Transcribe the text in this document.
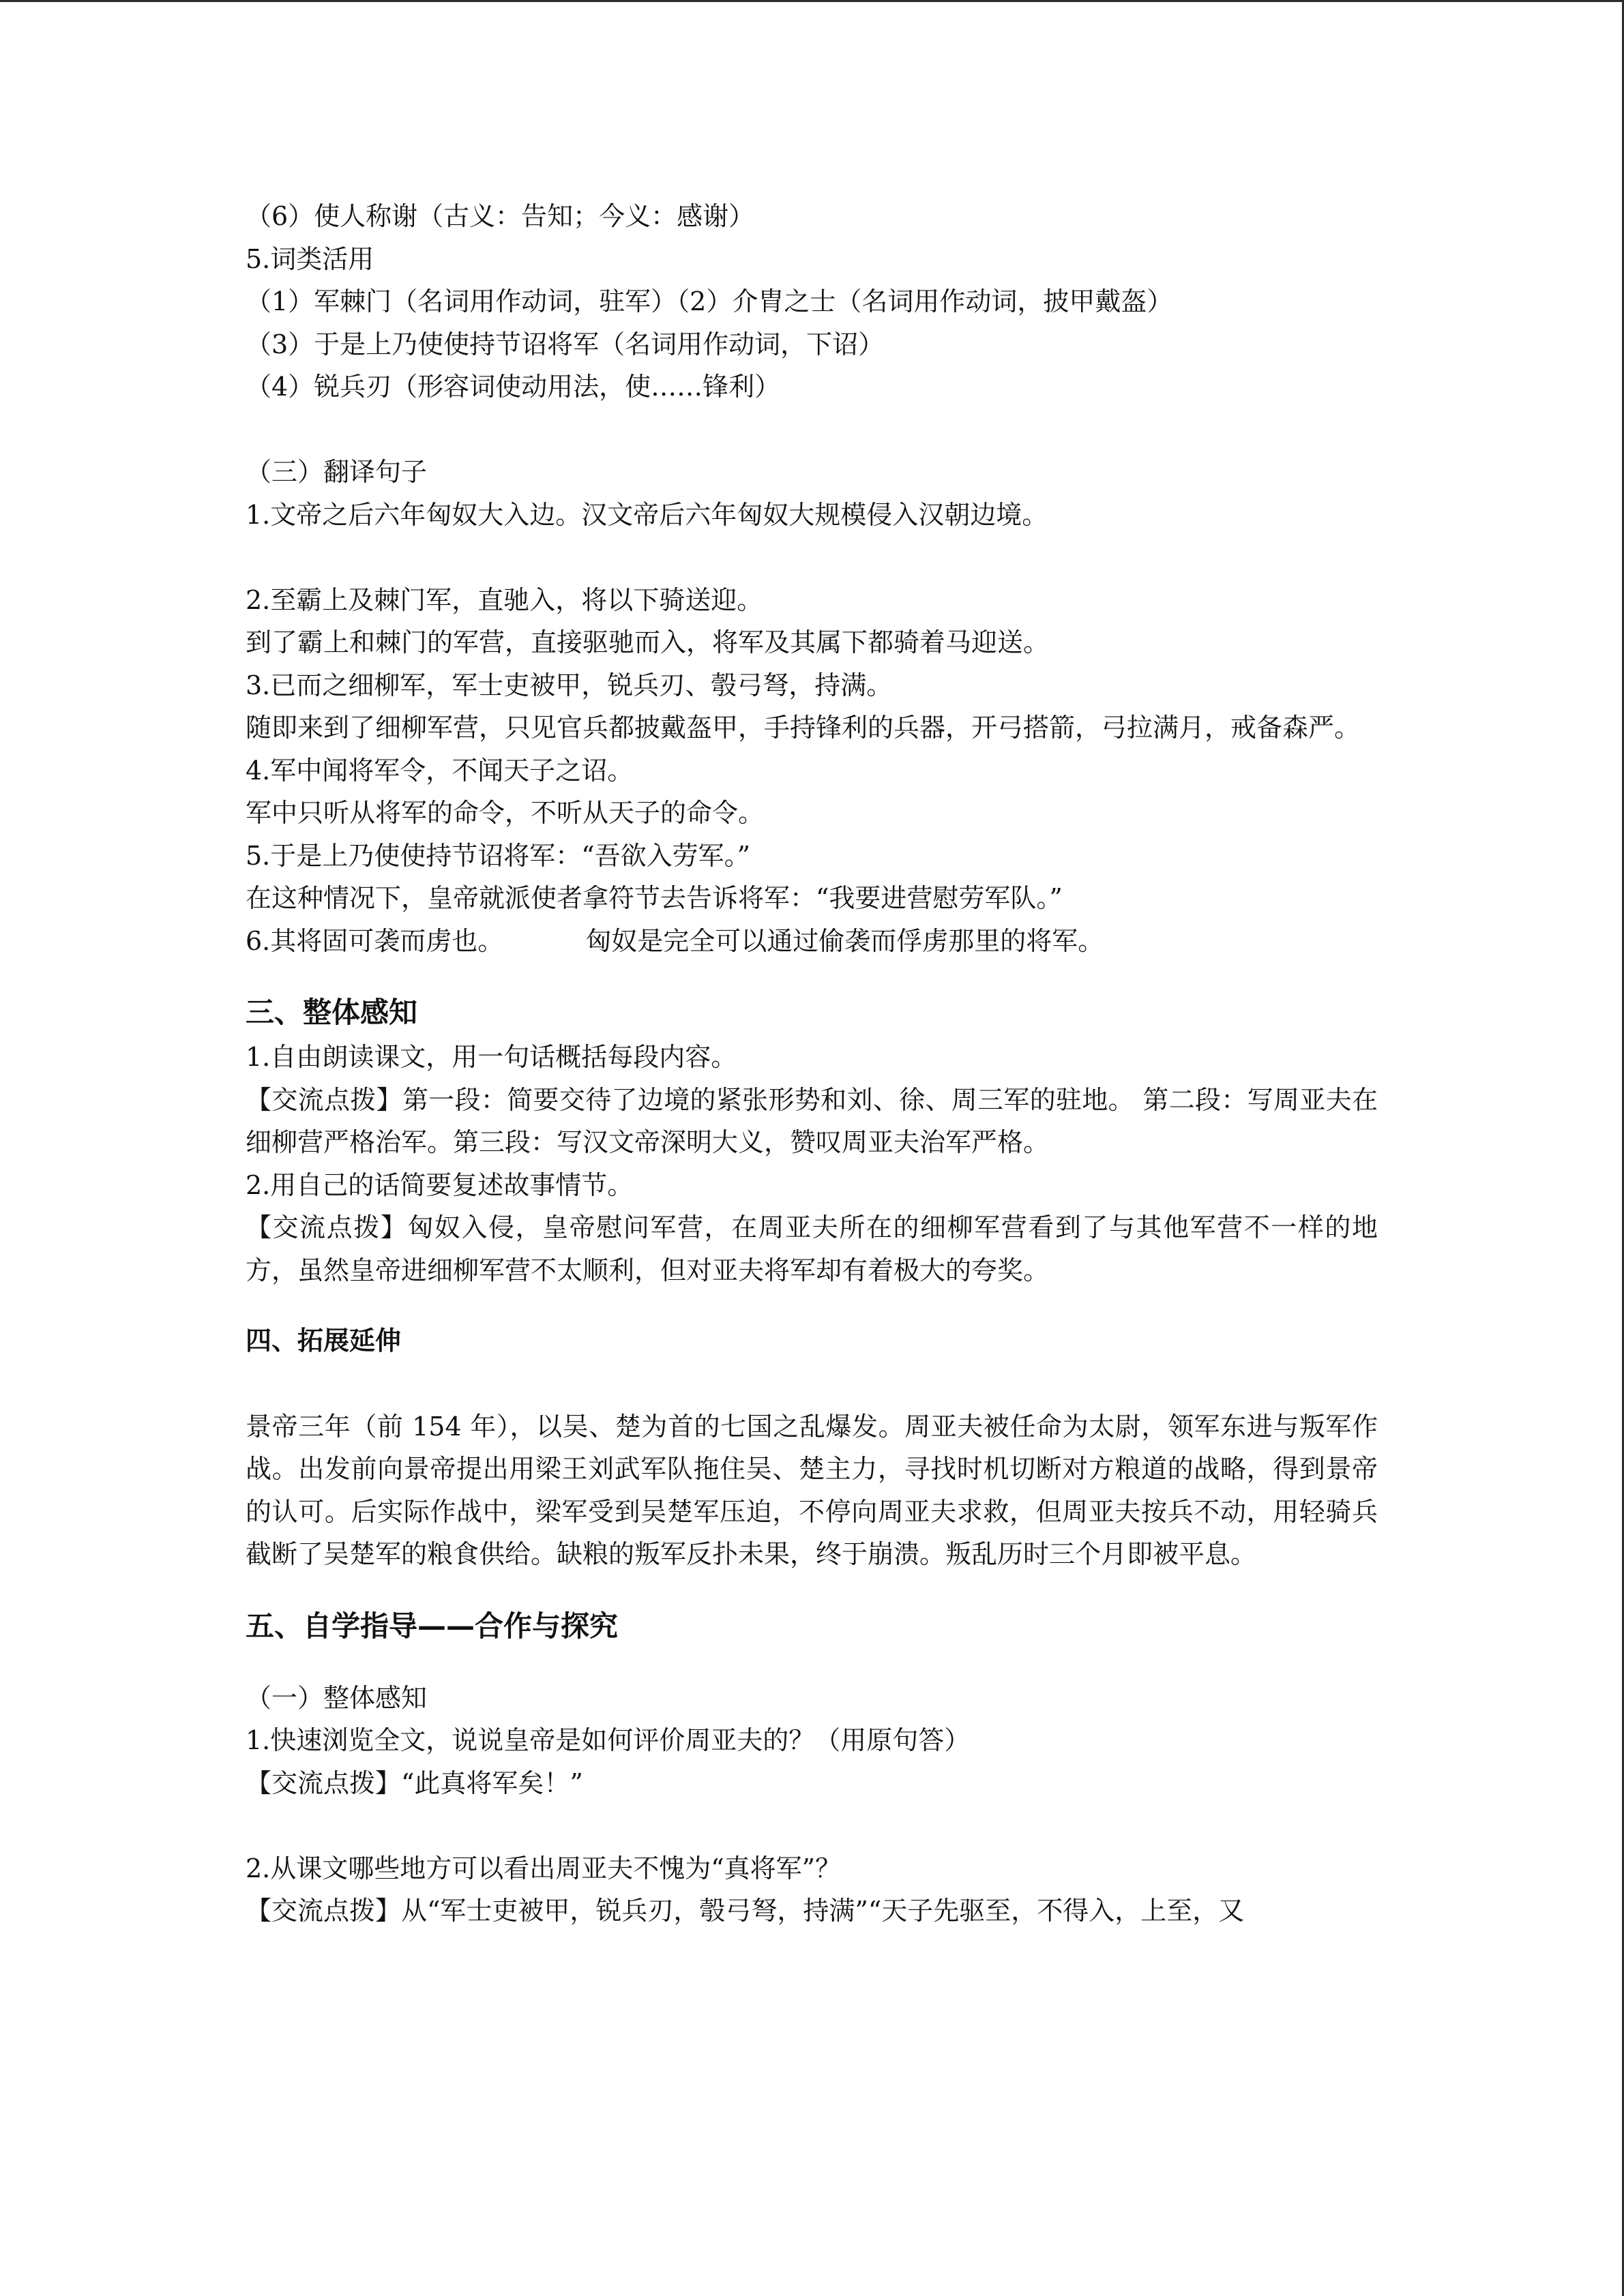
（6）使人称谢（古义：告知；今义：感谢）

5.词类活用

（1）军棘门（名词用作动词，驻军）（2）介胄之士（名词用作动词，披甲戴盔）

（3）于是上乃使使持节诏将军（名词用作动词，下诏）

（4）锐兵刃（形容词使动用法，使……锋利）

（三）翻译句子

1.文帝之后六年匈奴大入边。汉文帝后六年匈奴大规模侵入汉朝边境。

2.至霸上及棘门军，直驰入，将以下骑送迎。

到了霸上和棘门的军营，直接驱驰而入，将军及其属下都骑着马迎送。

3.已而之细柳军，军士吏被甲，锐兵刃、彀弓弩，持满。

随即来到了细柳军营，只见官兵都披戴盔甲，手持锋利的兵器，开弓搭箭，弓拉满月，戒备森严。

4.军中闻将军令，不闻天子之诏。

军中只听从将军的命令，不听从天子的命令。

5.于是上乃使使持节诏将军：“吾欲入劳军。”

在这种情况下，皇帝就派使者拿符节去告诉将军：“我要进营慰劳军队。”

6.其将固可袭而虏也。	匈奴是完全可以通过偷袭而俘虏那里的将军。

三、整体感知

1.自由朗读课文，用一句话概括每段内容。

【交流点拨】第一段：简要交待了边境的紧张形势和刘、徐、周三军的驻地。 第二段：写周亚夫在细柳营严格治军。第三段：写汉文帝深明大义，赞叹周亚夫治军严格。

2.用自己的话简要复述故事情节。

【交流点拨】匈奴入侵，皇帝慰问军营，在周亚夫所在的细柳军营看到了与其他军营不一样的地方，虽然皇帝进细柳军营不太顺利，但对亚夫将军却有着极大的夸奖。

四、拓展延伸

景帝三年（前 154 年），以吴、楚为首的七国之乱爆发。周亚夫被任命为太尉，领军东进与叛军作战。出发前向景帝提出用梁王刘武军队拖住吴、楚主力，寻找时机切断对方粮道的战略，得到景帝的认可。后实际作战中，梁军受到吴楚军压迫，不停向周亚夫求救，但周亚夫按兵不动，用轻骑兵截断了吴楚军的粮食供给。缺粮的叛军反扑未果，终于崩溃。叛乱历时三个月即被平息。

五、自学指导——合作与探究

（一）整体感知

1.快速浏览全文，说说皇帝是如何评价周亚夫的？（用原句答）

【交流点拨】“此真将军矣！”

2.从课文哪些地方可以看出周亚夫不愧为“真将军”？

【交流点拨】从“军士吏被甲，锐兵刃，彀弓弩，持满”“天子先驱至，不得入，上至，又
